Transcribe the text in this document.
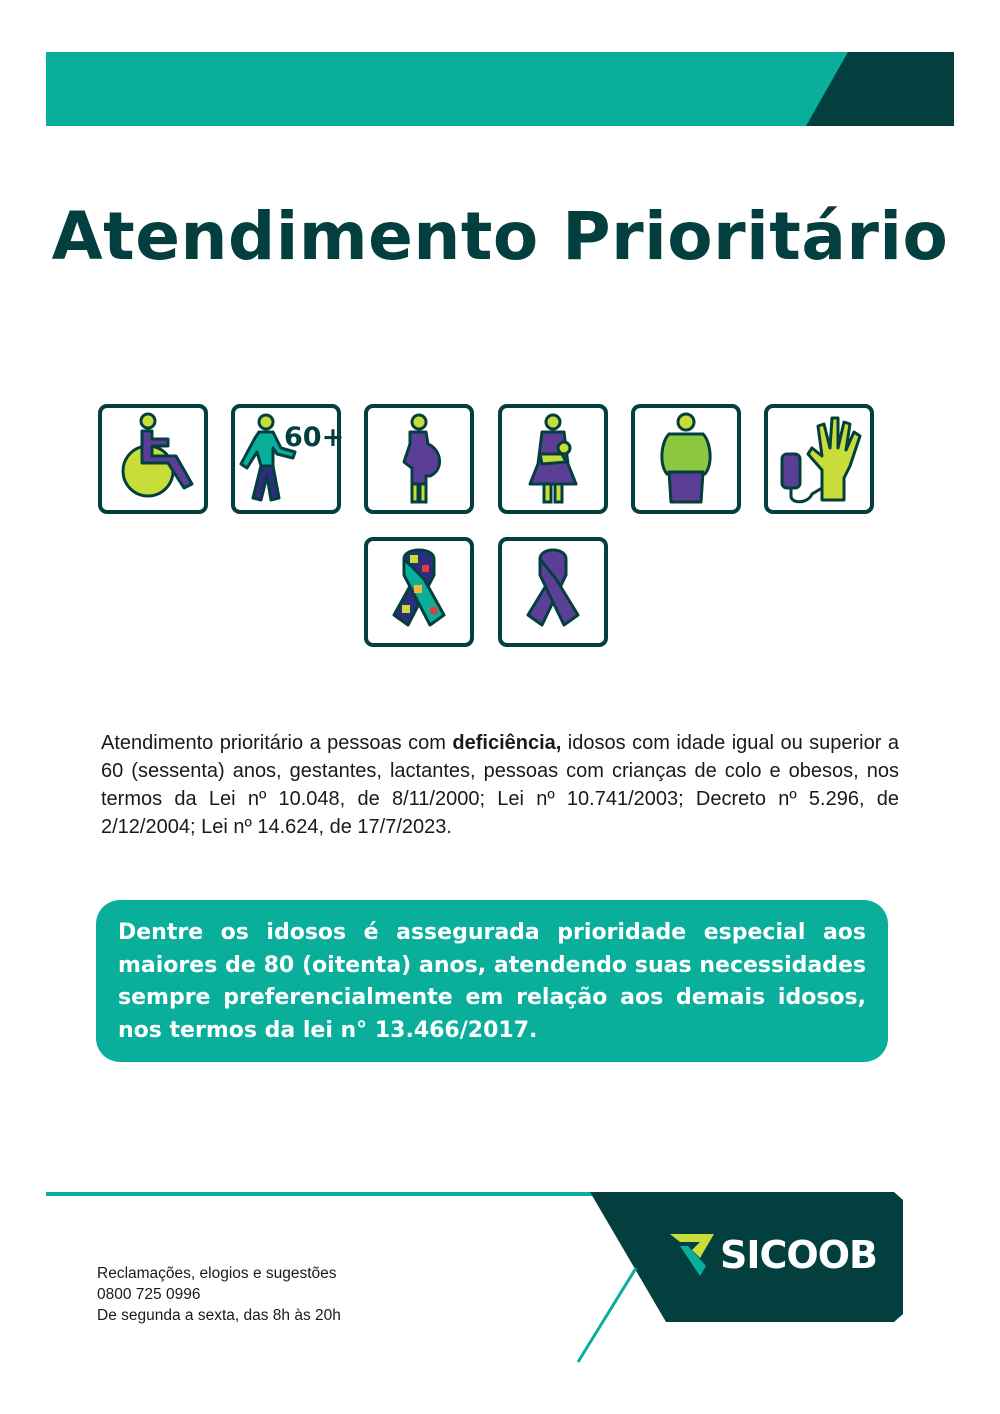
Atendimento Prioritário
60+

Atendimento prioritário a pessoas com deficiência, idosos com idade igual ou superior a 60 (sessenta) anos, gestantes, lactantes, pessoas com crianças de colo e obesos, nos termos da Lei nº 10.048, de 8/11/2000; Lei nº 10.741/2003; Decreto nº 5.296, de 2/12/2004; Lei nº 14.624, de 17/7/2023.

Dentre os idosos é assegurada prioridade especial aos maiores de 80 (oitenta) anos, atendendo suas necessidades sempre preferencialmente em relação aos demais idosos, nos termos da lei n° 13.466/2017.

SICOOB
Reclamações, elogios e sugestões
0800 725 0996
De segunda a sexta, das 8h às 20h
